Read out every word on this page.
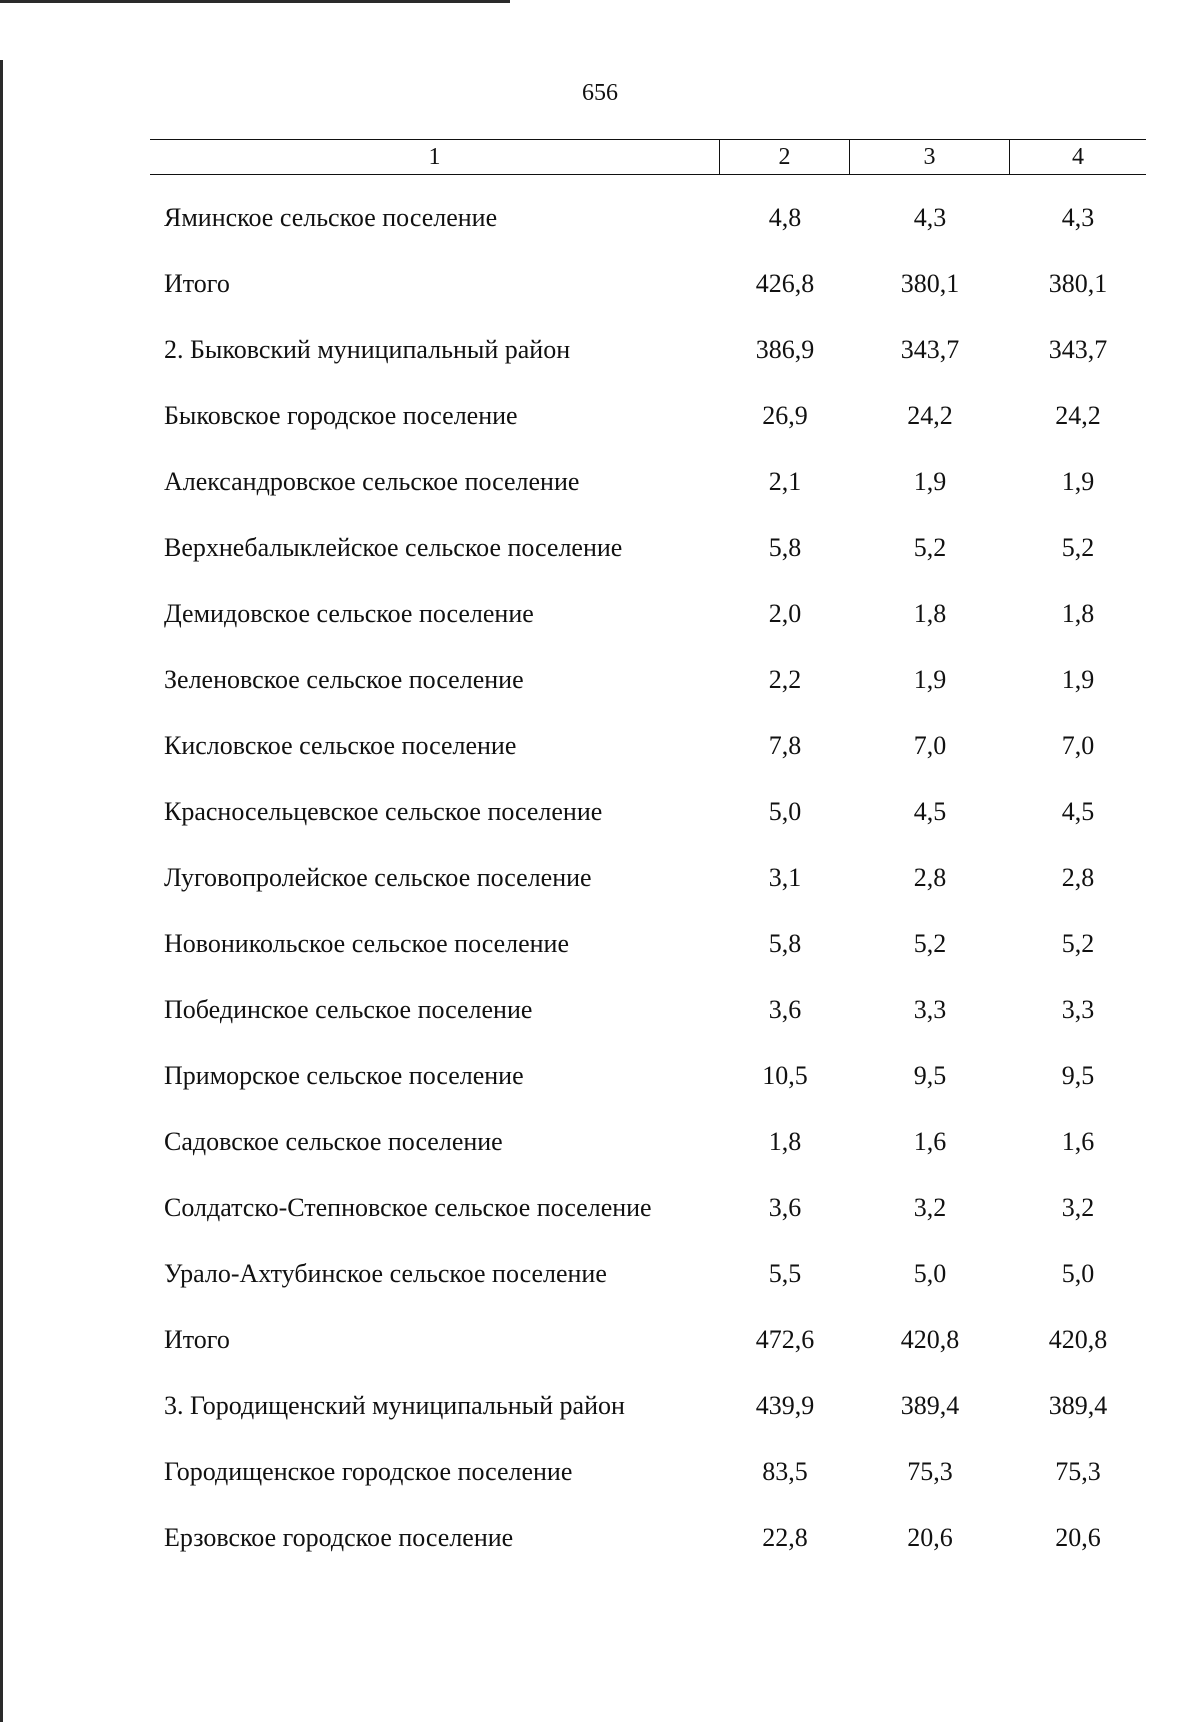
656
1	2	3	4
Яминское сельское поселение	4,8	4,3	4,3
Итого	426,8	380,1	380,1
2. Быковский муниципальный район	386,9	343,7	343,7
Быковское городское поселение	26,9	24,2	24,2
Александровское сельское поселение	2,1	1,9	1,9
Верхнебалыклейское сельское поселение	5,8	5,2	5,2
Демидовское сельское поселение	2,0	1,8	1,8
Зеленовское сельское поселение	2,2	1,9	1,9
Кисловское сельское поселение	7,8	7,0	7,0
Красносельцевское сельское поселение	5,0	4,5	4,5
Луговопролейское сельское поселение	3,1	2,8	2,8
Новоникольское сельское поселение	5,8	5,2	5,2
Побединское сельское поселение	3,6	3,3	3,3
Приморское сельское поселение	10,5	9,5	9,5
Садовское сельское поселение	1,8	1,6	1,6
Солдатско-Степновское сельское поселение	3,6	3,2	3,2
Урало-Ахтубинское сельское поселение	5,5	5,0	5,0
Итого	472,6	420,8	420,8
3. Городищенский муниципальный район	439,9	389,4	389,4
Городищенское городское поселение	83,5	75,3	75,3
Ерзовское городское поселение	22,8	20,6	20,6
